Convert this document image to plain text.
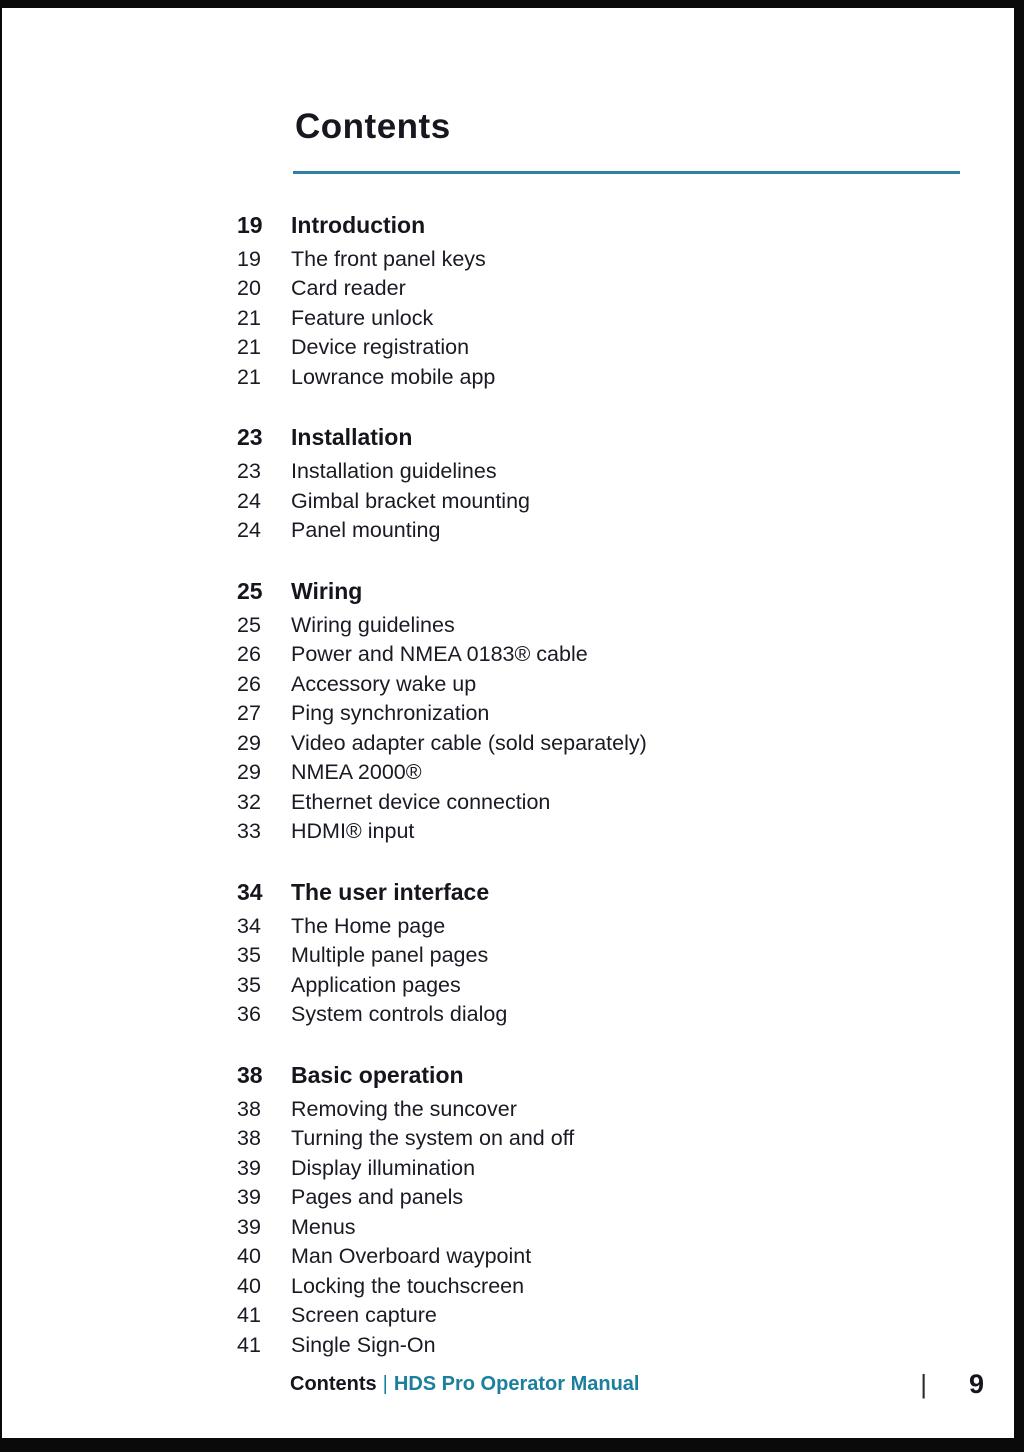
Contents
19	Introduction
19	The front panel keys
20	Card reader
21	Feature unlock
21	Device registration
21	Lowrance mobile app
23	Installation
23	Installation guidelines
24	Gimbal bracket mounting
24	Panel mounting
25	Wiring
25	Wiring guidelines
26	Power and NMEA 0183® cable
26	Accessory wake up
27	Ping synchronization
29	Video adapter cable (sold separately)
29	NMEA 2000®
32	Ethernet device connection
33	HDMI® input
34	The user interface
34	The Home page
35	Multiple panel pages
35	Application pages
36	System controls dialog
38	Basic operation
38	Removing the suncover
38	Turning the system on and off
39	Display illumination
39	Pages and panels
39	Menus
40	Man Overboard waypoint
40	Locking the touchscreen
41	Screen capture
41	Single Sign-On
Contents | HDS Pro Operator Manual	| 9
